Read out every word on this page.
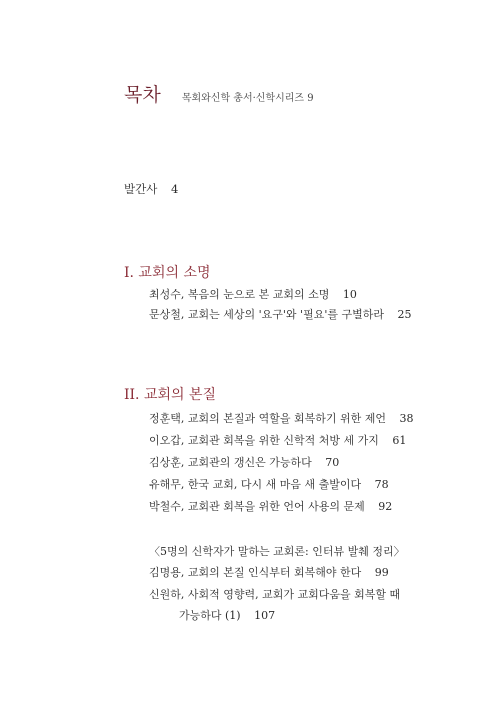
목차 목회와신학 총서·신학시리즈 9
발간사 4
I. 교회의 소명
최성수, 복음의 눈으로 본 교회의 소명 10
문상철, 교회는 세상의 '요구'와 '필요'를 구별하라 25
II. 교회의 본질
정훈택, 교회의 본질과 역할을 회복하기 위한 제언 38
이오갑, 교회관 회복을 위한 신학적 처방 세 가지 61
김상훈, 교회관의 갱신은 가능하다 70
유해무, 한국 교회, 다시 새 마음 새 출발이다 78
박철수, 교회관 회복을 위한 언어 사용의 문제 92
〈5명의 신학자가 말하는 교회론: 인터뷰 발췌 정리〉
김명용, 교회의 본질 인식부터 회복해야 한다 99
신원하, 사회적 영향력, 교회가 교회다움을 회복할 때
가능하다 (1) 107
